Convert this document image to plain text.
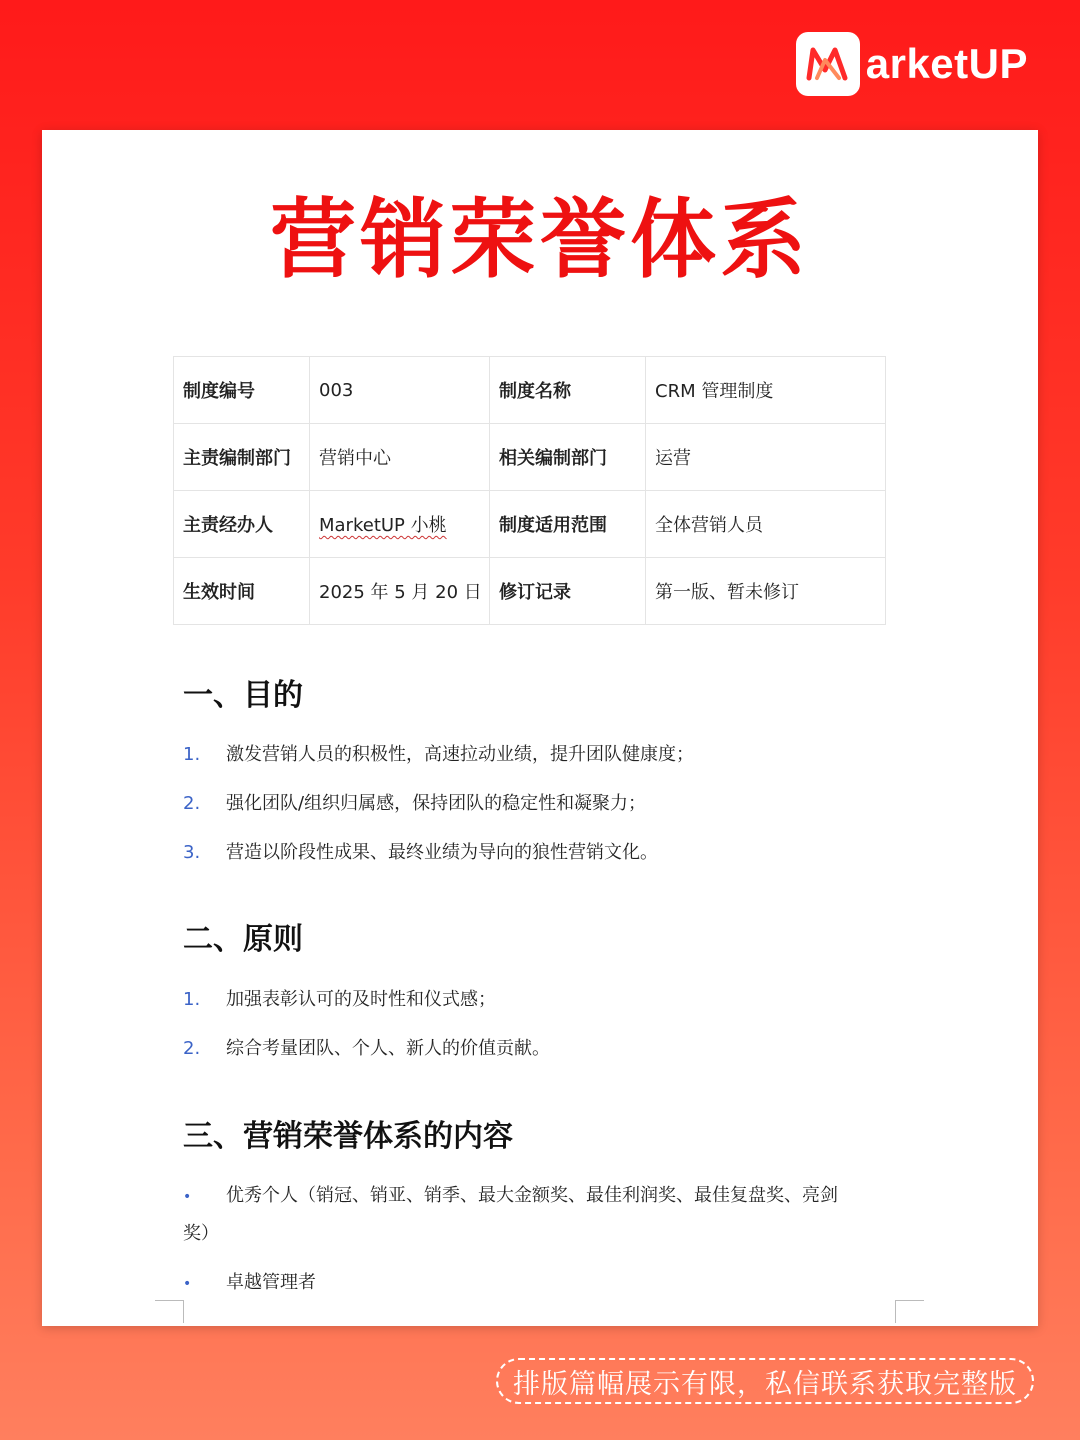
arketUP
营销荣誉体系
制度编号	003	制度名称	CRM 管理制度
主责编制部门	营销中心	相关编制部门	运营
主责经办人	MarketUP 小桃	制度适用范围	全体营销人员
生效时间	2025 年 5 月 20 日	修订记录	第一版、暂未修订
一、目的
1. 激发营销人员的积极性，高速拉动业绩，提升团队健康度；
2. 强化团队/组织归属感，保持团队的稳定性和凝聚力；
3. 营造以阶段性成果、最终业绩为导向的狼性营销文化。
二、原则
1. 加强表彰认可的及时性和仪式感；
2. 综合考量团队、个人、新人的价值贡献。
三、营销荣誉体系的内容
• 优秀个人（销冠、销亚、销季、最大金额奖、最佳利润奖、最佳复盘奖、亮剑
奖）
• 卓越管理者
排版篇幅展示有限，私信联系获取完整版
